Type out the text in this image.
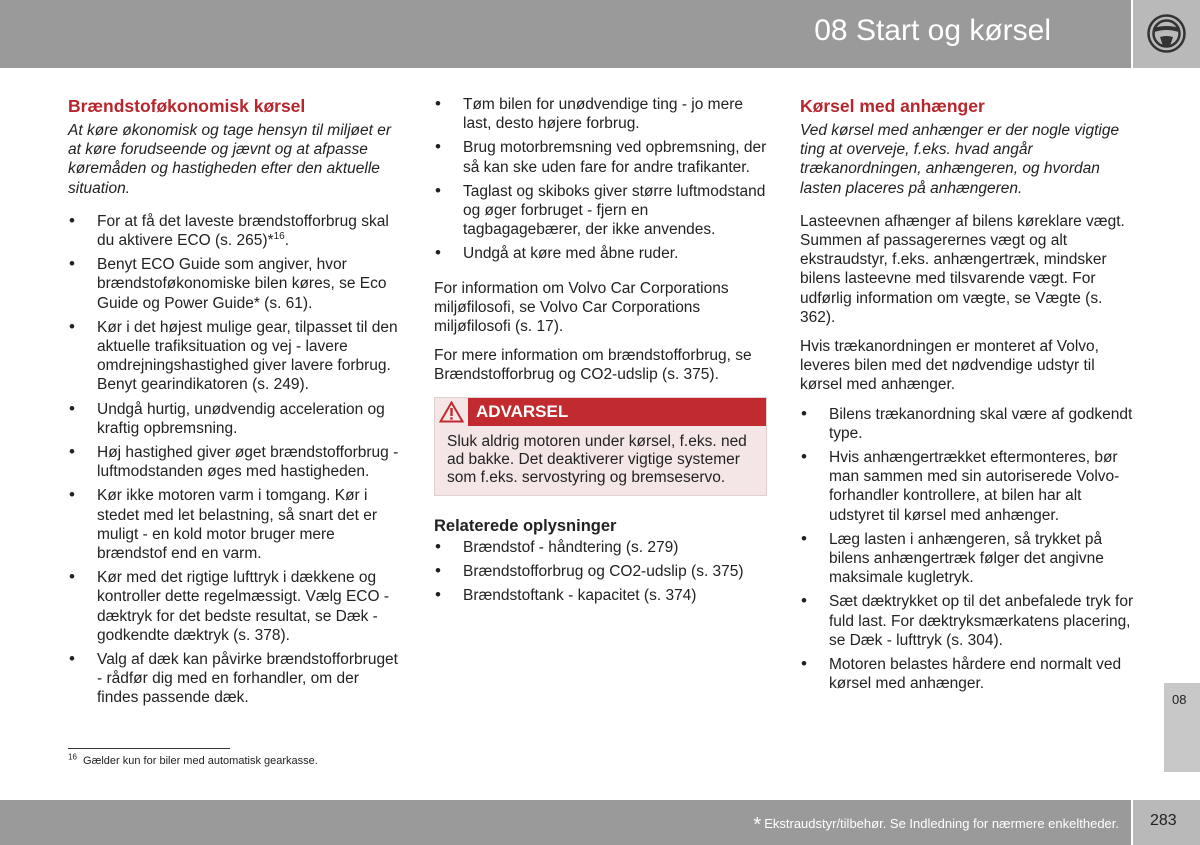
08 Start og kørsel
Brændstoføkonomisk kørsel
At køre økonomisk og tage hensyn til miljøet er at køre forudseende og jævnt og at afpasse køremåden og hastigheden efter den aktuelle situation.
• For at få det laveste brændstofforbrug skal du aktivere ECO (s. 265)*$^{16}$.
• Benyt ECO Guide som angiver, hvor brændstoføkonomiske bilen køres, se Eco Guide og Power Guide* (s. 61).
• Kør i det højest mulige gear, tilpasset til den aktuelle trafiksituation og vej - lavere omdrejningshastighed giver lavere forbrug. Benyt gearindikatoren (s. 249).
• Undgå hurtig, unødvendig acceleration og kraftig opbremsning.
• Høj hastighed giver øget brændstofforbrug - luftmodstanden øges med hastigheden.
• Kør ikke motoren varm i tomgang. Kør i stedet med let belastning, så snart det er muligt - en kold motor bruger mere brændstof end en varm.
• Kør med det rigtige lufttryk i dækkene og kontroller dette regelmæssigt. Vælg ECO -dæktryk for det bedste resultat, se Dæk - godkendte dæktryk (s. 378).
• Valg af dæk kan påvirke brændstofforbruget - rådfør dig med en forhandler, om der findes passende dæk.
• Tøm bilen for unødvendige ting - jo mere last, desto højere forbrug.
• Brug motorbremsning ved opbremsning, der så kan ske uden fare for andre trafikanter.
• Taglast og skiboks giver større luftmodstand og øger forbruget - fjern en tagbagagebærer, der ikke anvendes.
• Undgå at køre med åbne ruder.

For information om Volvo Car Corporations miljøfilosofi, se Volvo Car Corporations miljøfilosofi (s. 17).

For mere information om brændstofforbrug, se Brændstofforbrug og CO2-udslip (s. 375).

ADVARSEL
Sluk aldrig motoren under kørsel, f.eks. ned ad bakke. Det deaktiverer vigtige systemer som f.eks. servostyring og bremseservo.
Relaterede oplysninger
• Brændstof - håndtering (s. 279)
• Brændstofforbrug og CO2-udslip (s. 375)
• Brændstoftank - kapacitet (s. 374)
Kørsel med anhænger
Ved kørsel med anhænger er der nogle vigtige ting at overveje, f.eks. hvad angår trækanordningen, anhængeren, og hvordan lasten placeres på anhængeren.

Lasteevnen afhænger af bilens køreklare vægt. Summen af passagerernes vægt og alt ekstraudstyr, f.eks. anhængertræk, mindsker bilens lasteevne med tilsvarende vægt. For udførlig information om vægte, se Vægte (s. 362).

Hvis trækanordningen er monteret af Volvo, leveres bilen med det nødvendige udstyr til kørsel med anhænger.

• Bilens trækanordning skal være af godkendt type.
• Hvis anhængertrækket eftermonteres, bør man sammen med sin autoriserede Volvo-forhandler kontrollere, at bilen har alt udstyret til kørsel med anhænger.
• Læg lasten i anhængeren, så trykket på bilens anhængertræk følger det angivne maksimale kugletryk.
• Sæt dæktrykket op til det anbefalede tryk for fuld last. For dæktryksmærkatens placering, se Dæk - lufttryk (s. 304).
• Motoren belastes hårdere end normalt ved kørsel med anhænger.
08
$^{16}$ Gælder kun for biler med automatisk gearkasse.
* Ekstraudstyr/tilbehør. Se Indledning for nærmere enkeltheder. 283
